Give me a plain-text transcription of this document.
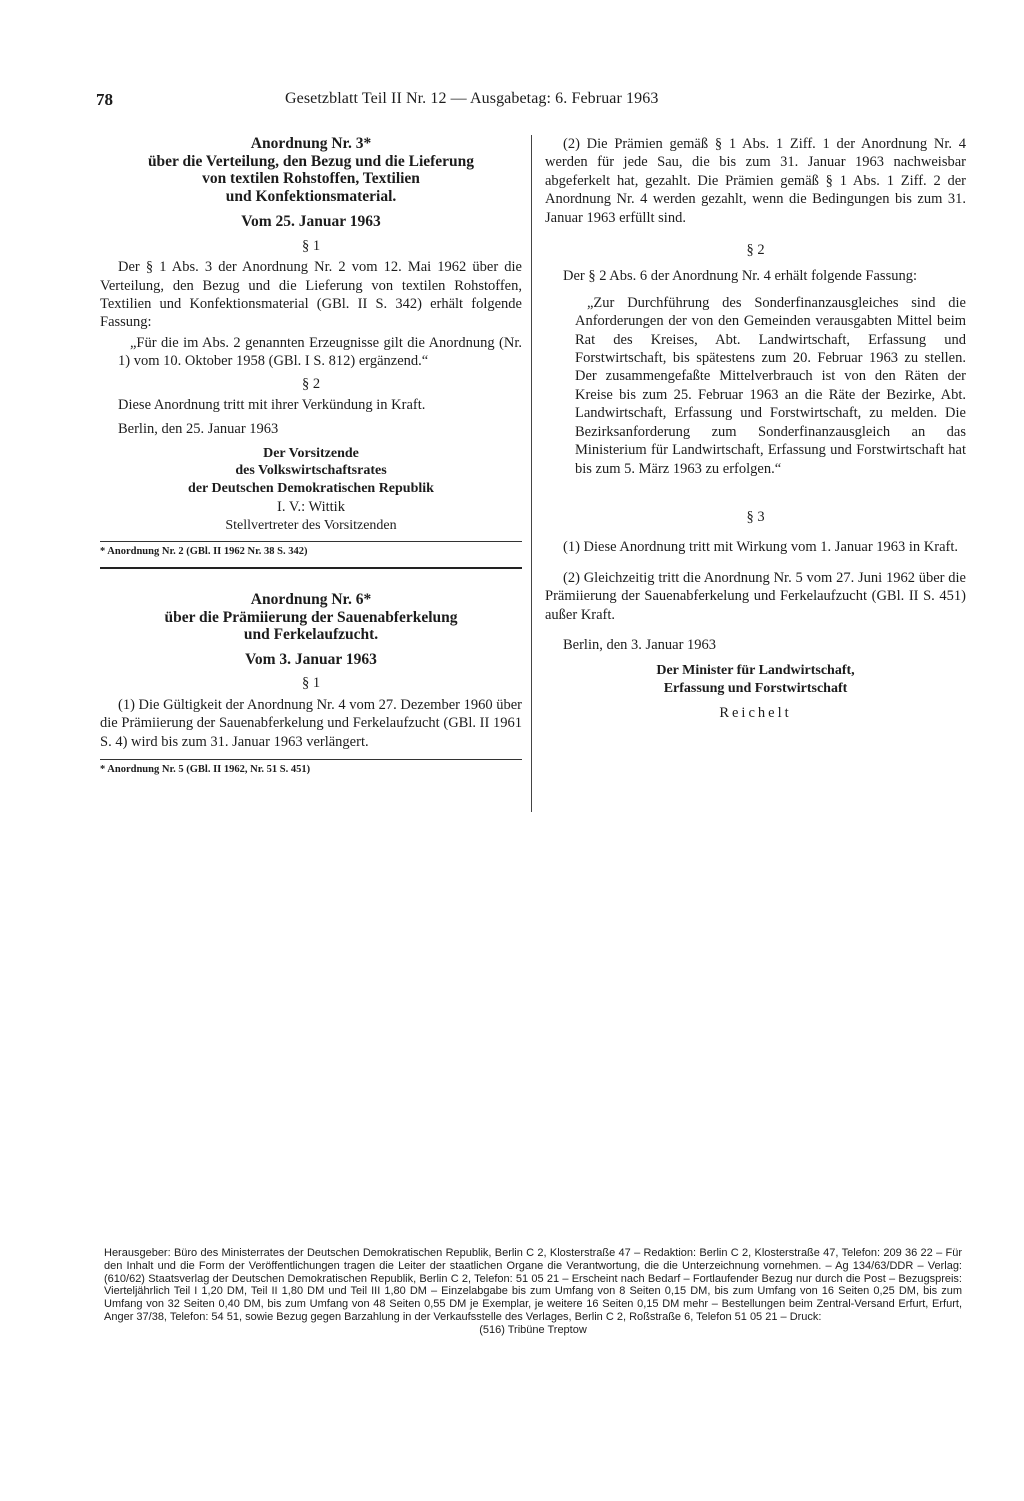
78	Gesetzblatt Teil II Nr. 12 — Ausgabetag: 6. Februar 1963
Anordnung Nr. 3*
über die Verteilung, den Bezug und die Lieferung
von textilen Rohstoffen, Textilien
und Konfektionsmaterial.
Vom 25. Januar 1963
§ 1

Der § 1 Abs. 3 der Anordnung Nr. 2 vom 12. Mai 1962 über die Verteilung, den Bezug und die Lieferung von textilen Rohstoffen, Textilien und Konfektionsmaterial (GBl. II S. 342) erhält folgende Fassung:

„Für die im Abs. 2 genannten Erzeugnisse gilt die Anordnung (Nr. 1) vom 10. Oktober 1958 (GBl. I S. 812) ergänzend.“

§ 2

Diese Anordnung tritt mit ihrer Verkündung in Kraft.

Berlin, den 25. Januar 1963

Der Vorsitzende
des Volkswirtschaftsrates
der Deutschen Demokratischen Republik
I. V.: Wittik
Stellvertreter des Vorsitzenden
* Anordnung Nr. 2 (GBl. II 1962 Nr. 38 S. 342)
Anordnung Nr. 6*
über die Prämiierung der Sauenabferkelung
und Ferkelaufzucht.
Vom 3. Januar 1963
§ 1

(1) Die Gültigkeit der Anordnung Nr. 4 vom 27. Dezember 1960 über die Prämiierung der Sauenabferkelung und Ferkelaufzucht (GBl. II 1961 S. 4) wird bis zum 31. Januar 1963 verlängert.

* Anordnung Nr. 5 (GBl. II 1962, Nr. 51 S. 451)

(2) Die Prämien gemäß § 1 Abs. 1 Ziff. 1 der Anordnung Nr. 4 werden für jede Sau, die bis zum 31. Januar 1963 nachweisbar abgeferkelt hat, gezahlt. Die Prämien gemäß § 1 Abs. 1 Ziff. 2 der Anordnung Nr. 4 werden gezahlt, wenn die Bedingungen bis zum 31. Januar 1963 erfüllt sind.

§ 2

Der § 2 Abs. 6 der Anordnung Nr. 4 erhält folgende Fassung:

„Zur Durchführung des Sonderfinanzausgleiches sind die Anforderungen der von den Gemeinden verausgabten Mittel beim Rat des Kreises, Abt. Landwirtschaft, Erfassung und Forstwirtschaft, bis spätestens zum 20. Februar 1963 zu stellen. Der zusammengefaßte Mittelverbrauch ist von den Räten der Kreise bis zum 25. Februar 1963 an die Räte der Bezirke, Abt. Landwirtschaft, Erfassung und Forstwirtschaft, zu melden. Die Bezirksanforderung zum Sonderfinanzausgleich an das Ministerium für Landwirtschaft, Erfassung und Forstwirtschaft hat bis zum 5. März 1963 zu erfolgen.“

§ 3

(1) Diese Anordnung tritt mit Wirkung vom 1. Januar 1963 in Kraft.

(2) Gleichzeitig tritt die Anordnung Nr. 5 vom 27. Juni 1962 über die Prämiierung der Sauenabferkelung und Ferkelaufzucht (GBl. II S. 451) außer Kraft.

Berlin, den 3. Januar 1963

Der Minister für Landwirtschaft,
Erfassung und Forstwirtschaft
Reichelt
Herausgeber: Büro des Ministerrates der Deutschen Demokratischen Republik, Berlin C 2, Klosterstraße 47 – Redaktion: Berlin C 2, Klosterstraße 47, Telefon: 209 36 22 – Für den Inhalt und die Form der Veröffentlichungen tragen die Leiter der staatlichen Organe die Verantwortung, die die Unterzeichnung vornehmen. – Ag 134/63/DDR – Verlag: (610/62) Staatsverlag der Deutschen Demokratischen Republik, Berlin C 2, Telefon: 51 05 21 – Erscheint nach Bedarf – Fortlaufender Bezug nur durch die Post – Bezugspreis: Vierteljährlich Teil I 1,20 DM, Teil II 1,80 DM und Teil III 1,80 DM – Einzelabgabe bis zum Umfang von 8 Seiten 0,15 DM, bis zum Umfang von 16 Seiten 0,25 DM, bis zum Umfang von 32 Seiten 0,40 DM, bis zum Umfang von 48 Seiten 0,55 DM je Exemplar, je weitere 16 Seiten 0,15 DM mehr – Bestellungen beim Zentral-Versand Erfurt, Erfurt, Anger 37/38, Telefon: 54 51, sowie Bezug gegen Barzahlung in der Verkaufsstelle des Verlages, Berlin C 2, Roßstraße 6, Telefon 51 05 21 – Druck:
(516) Tribüne Treptow
